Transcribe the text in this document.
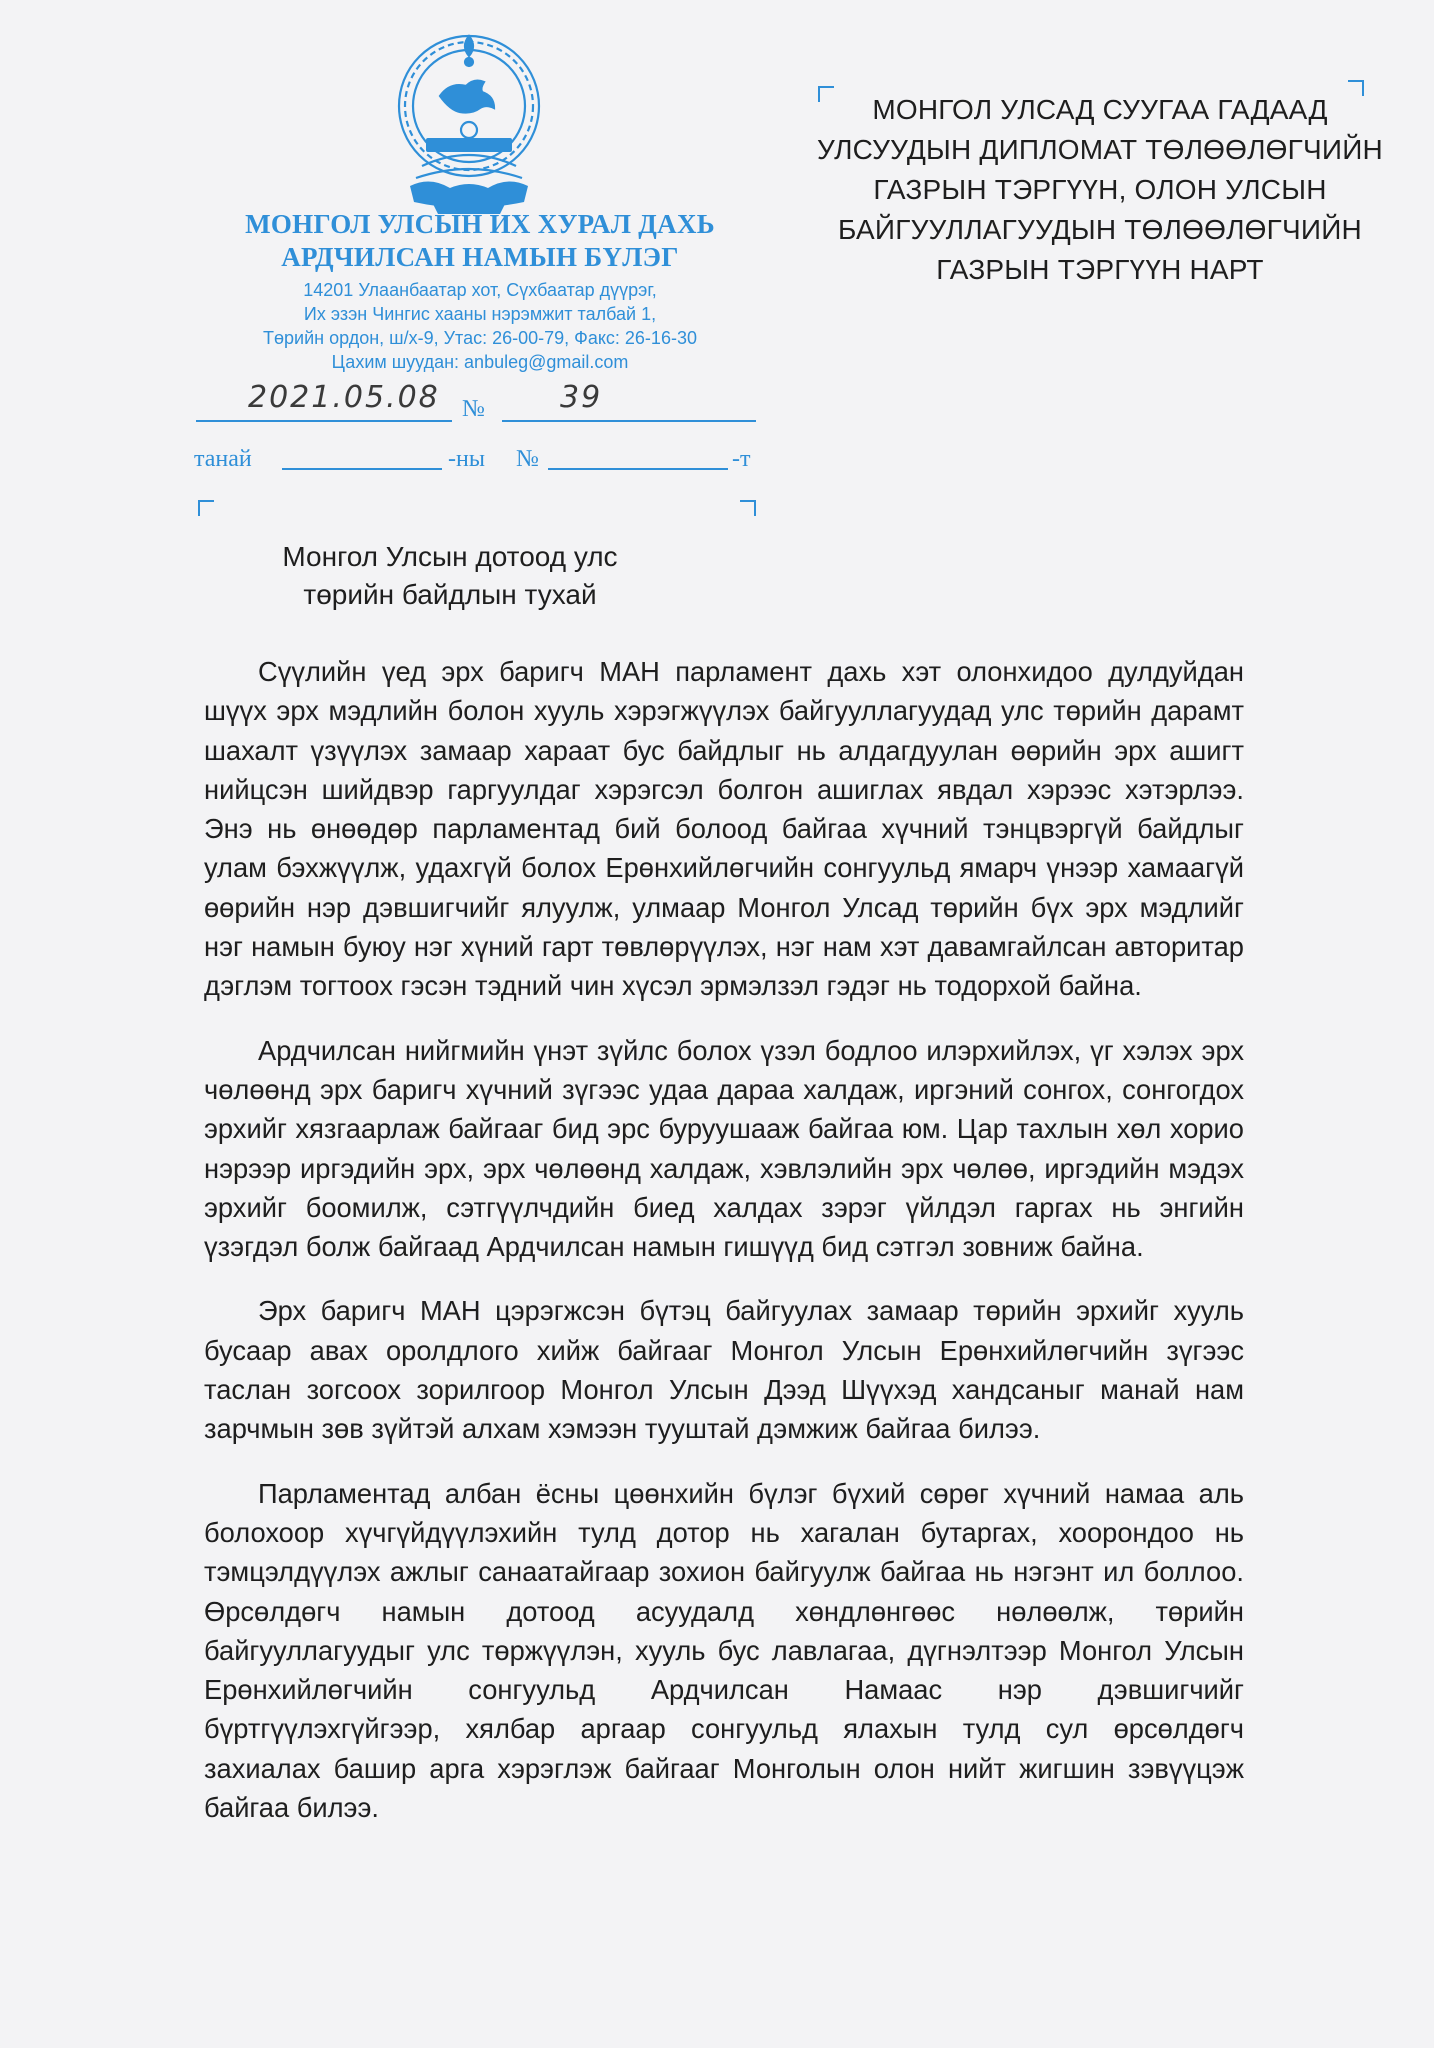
МОНГОЛ УЛСЫН ИХ ХУРАЛ ДАХЬ
АРДЧИЛСАН НАМЫН БҮЛЭГ
14201 Улаанбаатар хот, Сүхбаатар дүүрэг,
Их эзэн Чингис хааны нэрэмжит талбай 1,
Төрийн ордон, ш/х-9, Утас: 26-00-79, Факс: 26-16-30
Цахим шуудан: anbuleg@gmail.com
2021.05.08 №	39
танай	-ны №	-т
МОНГОЛ УЛСАД СУУГАА ГАДААД
УЛСУУДЫН ДИПЛОМАТ ТӨЛӨӨЛӨГЧИЙН
ГАЗРЫН ТЭРГҮҮН, ОЛОН УЛСЫН
БАЙГУУЛЛАГУУДЫН ТӨЛӨӨЛӨГЧИЙН
ГАЗРЫН ТЭРГҮҮН НАРТ
Монгол Улсын дотоод улс
төрийн байдлын тухай

Сүүлийн үед эрх баригч МАН парламент дахь хэт олонхидоо дулдуйдан шүүх эрх мэдлийн болон хууль хэрэгжүүлэх байгууллагуудад улс төрийн дарамт шахалт үзүүлэх замаар хараат бус байдлыг нь алдагдуулан өөрийн эрх ашигт нийцсэн шийдвэр гаргуулдаг хэрэгсэл болгон ашиглах явдал хэрээс хэтэрлээ. Энэ нь өнөөдөр парламентад бий болоод байгаа хүчний тэнцвэргүй байдлыг улам бэхжүүлж, удахгүй болох Ерөнхийлөгчийн сонгуульд ямарч үнээр хамаагүй өөрийн нэр дэвшигчийг ялуулж, улмаар Монгол Улсад төрийн бүх эрх мэдлийг нэг намын буюу нэг хүний гарт төвлөрүүлэх, нэг нам хэт давамгайлсан авторитар дэглэм тогтоох гэсэн тэдний чин хүсэл эрмэлзэл гэдэг нь тодорхой байна.

Ардчилсан нийгмийн үнэт зүйлс болох үзэл бодлоо илэрхийлэх, үг хэлэх эрх чөлөөнд эрх баригч хүчний зүгээс удаа дараа халдаж, иргэний сонгох, сонгогдох эрхийг хязгаарлаж байгааг бид эрс буруушааж байгаа юм. Цар тахлын хөл хорио нэрээр иргэдийн эрх, эрх чөлөөнд халдаж, хэвлэлийн эрх чөлөө, иргэдийн мэдэх эрхийг боомилж, сэтгүүлчдийн биед халдах зэрэг үйлдэл гаргах нь энгийн үзэгдэл болж байгаад Ардчилсан намын гишүүд бид сэтгэл зовниж байна.

Эрх баригч МАН цэрэгжсэн бүтэц байгуулах замаар төрийн эрхийг хууль бусаар авах оролдлого хийж байгааг Монгол Улсын Ерөнхийлөгчийн зүгээс таслан зогсоох зорилгоор Монгол Улсын Дээд Шүүхэд хандсаныг манай нам зарчмын зөв зүйтэй алхам хэмээн тууштай дэмжиж байгаа билээ.

Парламентад албан ёсны цөөнхийн бүлэг бүхий сөрөг хүчний намаа аль болохоор хүчгүйдүүлэхийн тулд дотор нь хагалан бутаргах, хоорондоо нь тэмцэлдүүлэх ажлыг санаатайгаар зохион байгуулж байгаа нь нэгэнт ил боллоо. Өрсөлдөгч намын дотоод асуудалд хөндлөнгөөс нөлөөлж, төрийн байгууллагуудыг улс төржүүлэн, хууль бус лавлагаа, дүгнэлтээр Монгол Улсын Ерөнхийлөгчийн сонгуульд Ардчилсан Намаас нэр дэвшигчийг бүртгүүлэхгүйгээр, хялбар аргаар сонгуульд ялахын тулд сул өрсөлдөгч захиалах башир арга хэрэглэж байгааг Монголын олон нийт жигшин зэвүүцэж байгаа билээ.
